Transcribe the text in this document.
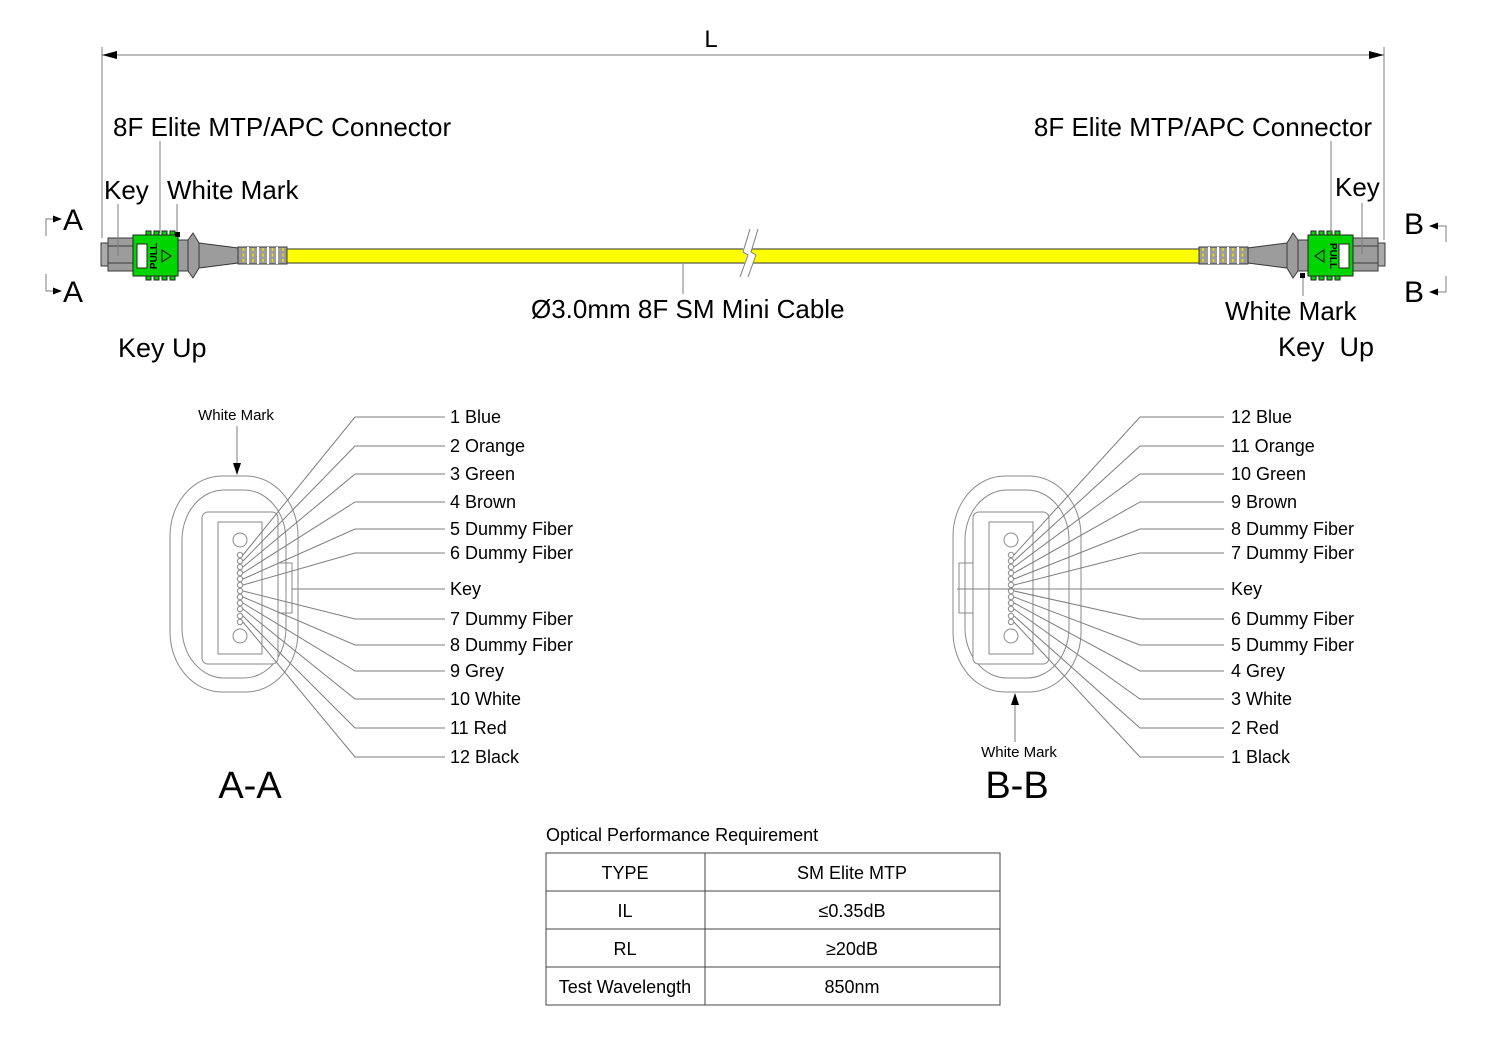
L
Ø3.0mm 8F SM Mini Cable
PULL
8F Elite MTP/APC Connector
Key White Mark
Key Up
A
A
PULL
8F Elite MTP/APC Connector
Key
White Mark
Key  Up
B
B
White Mark	1 Blue
2 Orange
3 Green
4 Brown
5 Dummy Fiber
6 Dummy Fiber
Key
7 Dummy Fiber
8 Dummy Fiber
9 Grey
10 White
11 Red
12 Black
A-A
12 Blue
11 Orange
10 Green
9 Brown
8 Dummy Fiber
7 Dummy Fiber
Key
6 Dummy Fiber
5 Dummy Fiber
4 Grey
3 White
2 Red
1 Black
White Mark
B-B
Optical Performance Requirement
TYPE	SM Elite MTP
IL	≤0.35dB
RL	≥20dB
Test Wavelength	850nm
